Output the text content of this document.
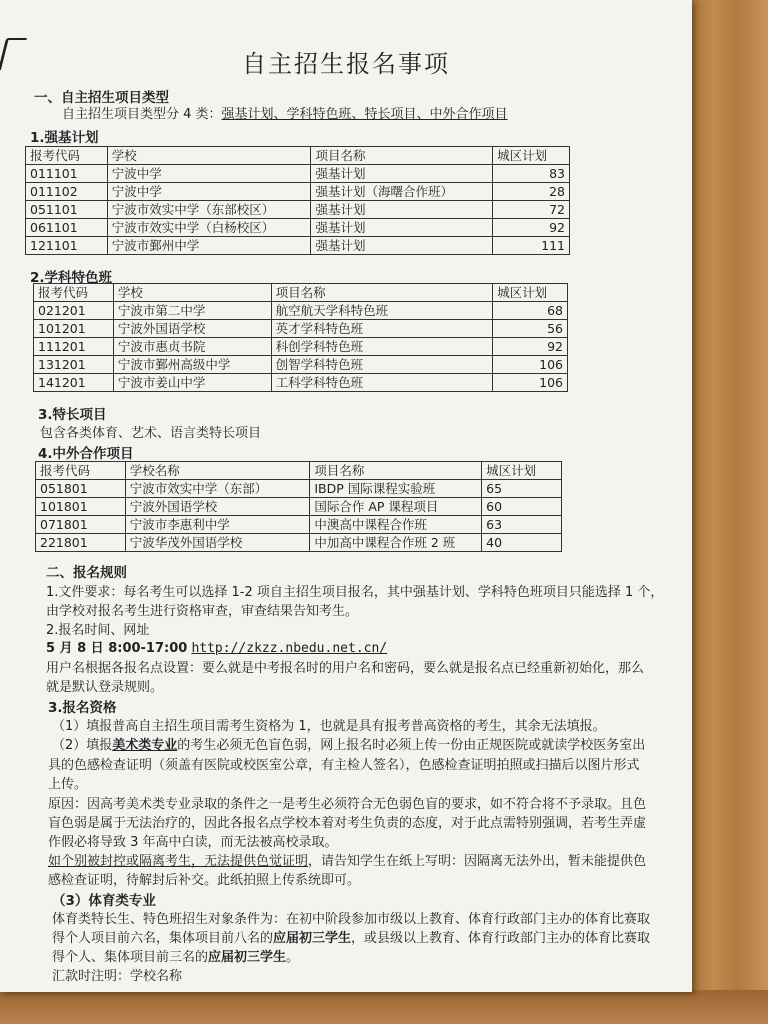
自主招生报名事项
一、自主招生项目类型
自主招生项目类型分 4 类：强基计划、学科特色班、特长项目、中外合作项目
1.强基计划
报考代码	学校	项目名称	城区计划
011101	宁波中学	强基计划	83
011102	宁波中学	强基计划（海曙合作班）	28
051101	宁波市效实中学（东部校区）	强基计划	72
061101	宁波市效实中学（白杨校区）	强基计划	92
121101	宁波市鄞州中学	强基计划	111
2.学科特色班
报考代码	学校	项目名称	城区计划
021201	宁波市第二中学	航空航天学科特色班	68
101201	宁波外国语学校	英才学科特色班	56
111201	宁波市惠贞书院	科创学科特色班	92
131201	宁波市鄞州高级中学	创智学科特色班	106
141201	宁波市姜山中学	工科学科特色班	106
3.特长项目
包含各类体育、艺术、语言类特长项目
4.中外合作项目
报考代码	学校名称	项目名称	城区计划
051801	宁波市效实中学（东部）	IBDP 国际课程实验班	65
101801	宁波外国语学校	国际合作 AP 课程项目	60
071801	宁波市李惠利中学	中澳高中课程合作班	63
221801	宁波华茂外国语学校	中加高中课程合作班 2 班	40
二、报名规则
1.文件要求：每名考生可以选择 1-2 项自主招生项目报名，其中强基计划、学科特色班项目只能选择 1 个，
由学校对报名考生进行资格审查，审查结果告知考生。
2.报名时间、网址
5 月 8 日 8:00-17:00 http://zkzz.nbedu.net.cn/
用户名根据各报名点设置：要么就是中考报名时的用户名和密码，要么就是报名点已经重新初始化，那么
就是默认登录规则。
3.报名资格
（1）填报普高自主招生项目需考生资格为 1，也就是具有报考普高资格的考生，其余无法填报。
（2）填报美术类专业的考生必须无色盲色弱，网上报名时必须上传一份由正规医院或就读学校医务室出
具的色感检查证明（须盖有医院或校医室公章，有主检人签名），色感检查证明拍照或扫描后以图片形式
上传。
原因：因高考美术类专业录取的条件之一是考生必须符合无色弱色盲的要求，如不符合将不予录取。且色
盲色弱是属于无法治疗的，因此各报名点学校本着对考生负责的态度，对于此点需特别强调，若考生弄虚
作假必将导致 3 年高中白读，而无法被高校录取。
如个别被封控或隔离考生，无法提供色觉证明，请告知学生在纸上写明：因隔离无法外出，暂未能提供色
感检查证明，待解封后补交。此纸拍照上传系统即可。
（3）体育类专业
体育类特长生、特色班招生对象条件为：在初中阶段参加市级以上教育、体育行政部门主办的体育比赛取
得个人项目前六名，集体项目前八名的应届初三学生，或县级以上教育、体育行政部门主办的体育比赛取
得个人、集体项目前三名的应届初三学生。
汇款时注明：学校名称
